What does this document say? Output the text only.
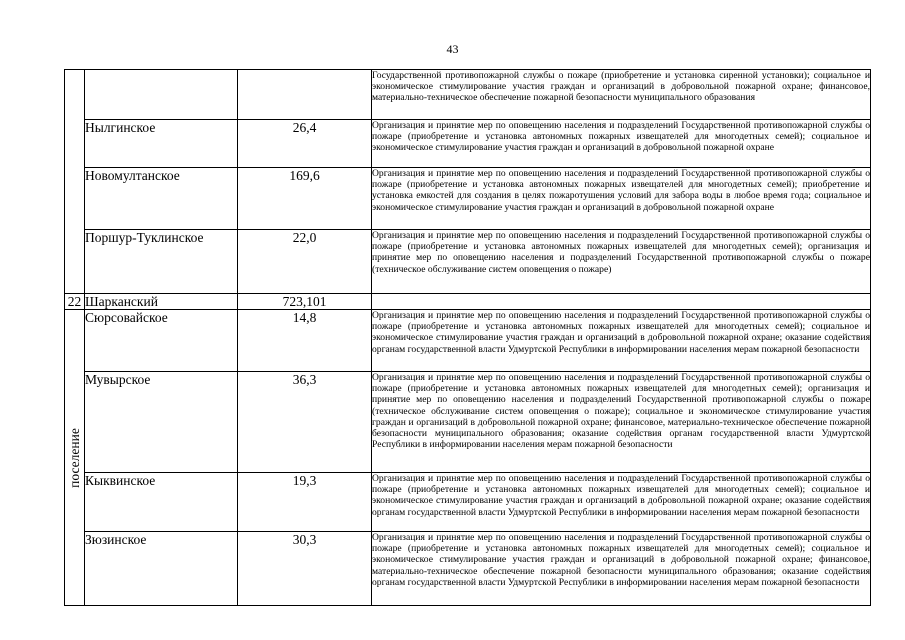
43
			Государственной противопожарной службы о пожаре (приобретение и установка сиренной установки); социальное и экономическое стимулирование участия граждан и организаций в добровольной пожарной охране; финансовое, материально-техническое обеспечение пожарной безопасности муниципального образования
	Нылгинское	26,4	Организация и принятие мер по оповещению населения и подразделений Государственной противопожарной службы о пожаре (приобретение и установка автономных пожарных извещателей для многодетных семей); социальное и экономическое стимулирование участия граждан и организаций в добровольной пожарной охране
	Новомултанское	169,6	Организация и принятие мер по оповещению населения и подразделений Государственной противопожарной службы о пожаре (приобретение и установка автономных пожарных извещателей для многодетных семей); приобретение и установка емкостей для создания в целях пожаротушения условий для забора воды в любое время года; социальное и экономическое стимулирование участия граждан и организаций в добровольной пожарной охране
	Поршур-Туклинское	22,0	Организация и принятие мер по оповещению населения и подразделений Государственной противопожарной службы о пожаре (приобретение и установка автономных пожарных извещателей для многодетных семей); организация и принятие мер по оповещению населения и подразделений Государственной противопожарной службы о пожаре (техническое обслуживание систем оповещения о пожаре)
22	Шарканский	723,101	

поселение	Сюрсовайское	14,8	Организация и принятие мер по оповещению населения и подразделений Государственной противопожарной службы о пожаре (приобретение и установка автономных пожарных извещателей для многодетных семей); социальное и экономическое стимулирование участия граждан и организаций в добровольной пожарной охране; оказание содействия органам государственной власти Удмуртской Республики в информировании населения мерам пожарной безопасности
	Мувырское	36,3	Организация и принятие мер по оповещению населения и подразделений Государственной противопожарной службы о пожаре (приобретение и установка автономных пожарных извещателей для многодетных семей); организация и принятие мер по оповещению населения и подразделений Государственной противопожарной службы о пожаре (техническое обслуживание систем оповещения о пожаре); социальное и экономическое стимулирование участия граждан и организаций в добровольной пожарной охране; финансовое, материально-техническое обеспечение пожарной безопасности муниципального образования; оказание содействия органам государственной власти Удмуртской Республики в информировании населения мерам пожарной безопасности
	Кыквинское	19,3	Организация и принятие мер по оповещению населения и подразделений Государственной противопожарной службы о пожаре (приобретение и установка автономных пожарных извещателей для многодетных семей); социальное и экономическое стимулирование участия граждан и организаций в добровольной пожарной охране; оказание содействия органам государственной власти Удмуртской Республики в информировании населения мерам пожарной безопасности
	Зюзинское	30,3	Организация и принятие мер по оповещению населения и подразделений Государственной противопожарной службы о пожаре (приобретение и установка автономных пожарных извещателей для многодетных семей); социальное и экономическое стимулирование участия граждан и организаций в добровольной пожарной охране; финансовое, материально-техническое обеспечение пожарной безопасности муниципального образования; оказание содействия органам государственной власти Удмуртской Республики в информировании населения мерам пожарной безопасности
